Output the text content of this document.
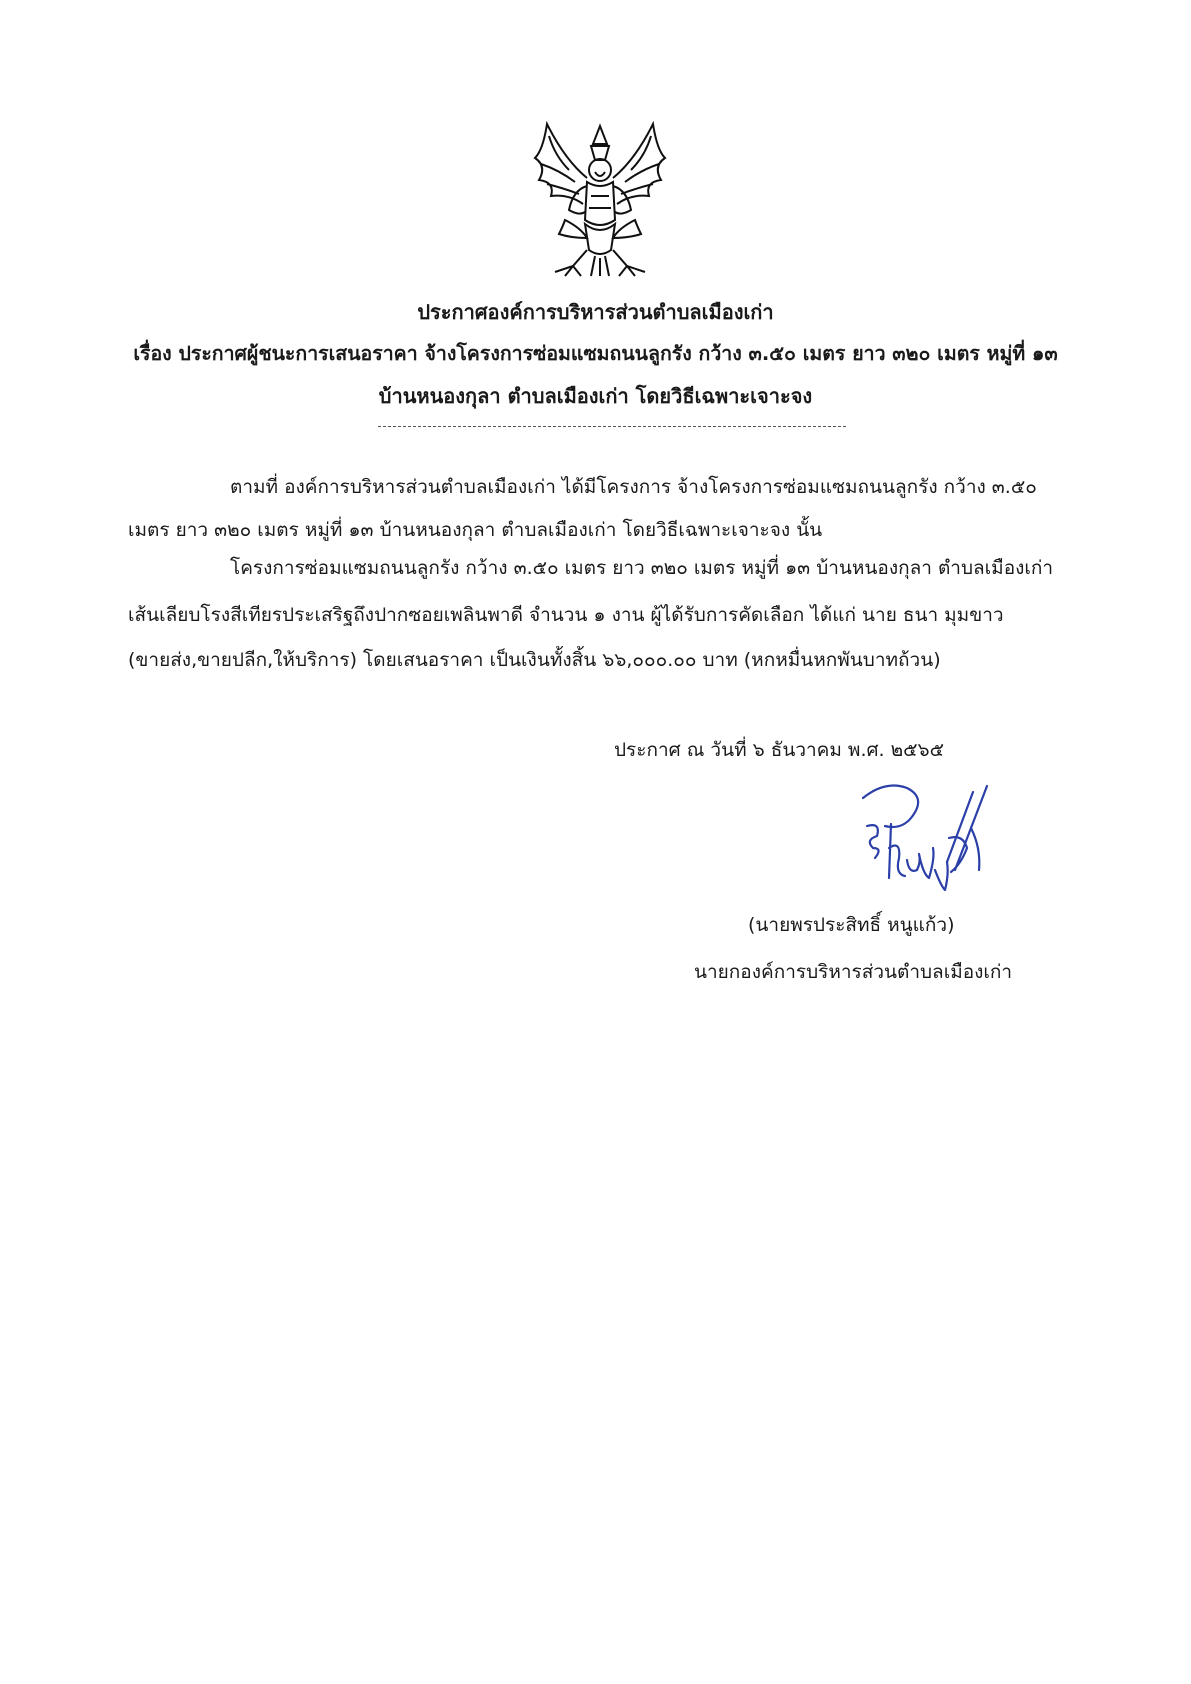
ประกาศองค์การบริหารส่วนตำบลเมืองเก่า
เรื่อง ประกาศผู้ชนะการเสนอราคา จ้างโครงการซ่อมแซมถนนลูกรัง กว้าง ๓.๕๐ เมตร ยาว ๓๒๐ เมตร หมู่ที่ ๑๓
บ้านหนองกุลา ตำบลเมืองเก่า โดยวิธีเฉพาะเจาะจง
ตามที่ องค์การบริหารส่วนตำบลเมืองเก่า ได้มีโครงการ จ้างโครงการซ่อมแซมถนนลูกรัง กว้าง ๓.๕๐
เมตร ยาว ๓๒๐ เมตร หมู่ที่ ๑๓ บ้านหนองกุลา ตำบลเมืองเก่า โดยวิธีเฉพาะเจาะจง นั้น
โครงการซ่อมแซมถนนลูกรัง กว้าง ๓.๕๐ เมตร ยาว ๓๒๐ เมตร หมู่ที่ ๑๓ บ้านหนองกุลา ตำบลเมืองเก่า
เส้นเลียบโรงสีเทียรประเสริฐถึงปากซอยเพลินพาดี จำนวน ๑ งาน ผู้ได้รับการคัดเลือก ได้แก่ นาย ธนา มุมขาว
(ขายส่ง,ขายปลีก,ให้บริการ) โดยเสนอราคา เป็นเงินทั้งสิ้น ๖๖,๐๐๐.๐๐ บาท (หกหมื่นหกพันบาทถ้วน)
ประกาศ ณ วันที่ ๖ ธันวาคม พ.ศ. ๒๕๖๕
(นายพรประสิทธิ์ หนูแก้ว)
นายกองค์การบริหารส่วนตำบลเมืองเก่า
